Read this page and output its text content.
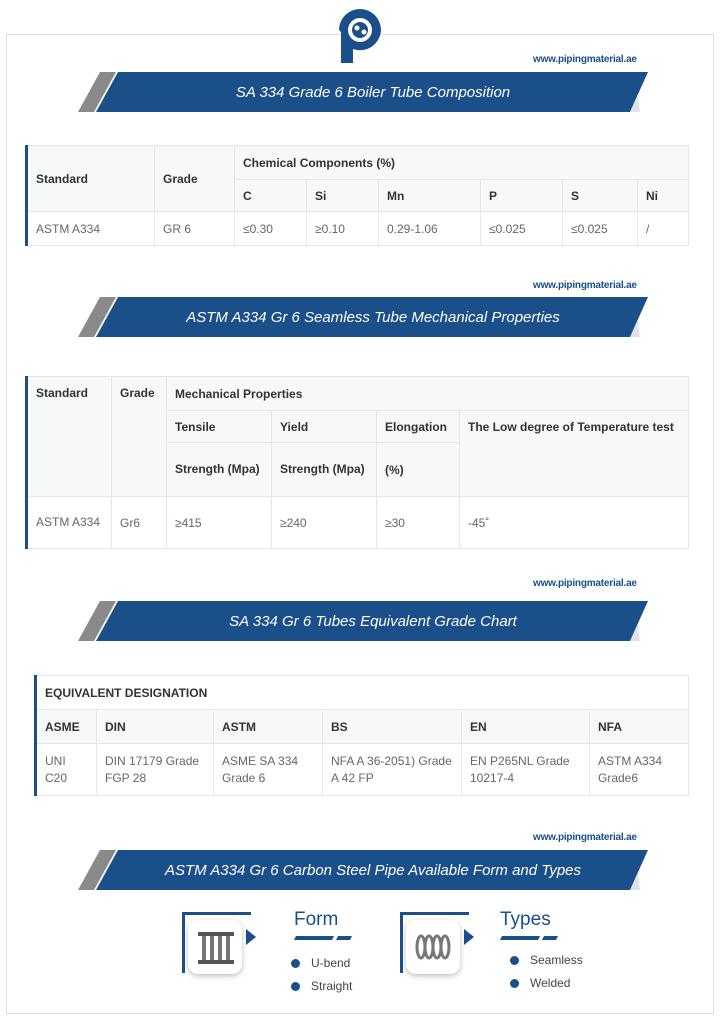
www.pipingmaterial.ae
SA 334 Grade 6 Boiler Tube Composition
Standard	Grade	Chemical Components (%)					
		C	Si	Mn	P	S	Ni
ASTM A334	GR 6	≤0.30	≥0.10	0.29-1.06	≤0.025	≤0.025	/
www.pipingmaterial.ae
ASTM A334 Gr 6 Seamless Tube Mechanical Properties
Standard	Grade	Mechanical Properties			
		Tensile	Yield	Elongation	The Low degree of Temperature test
		Strength (Mpa)	Strength (Mpa)	(%)	
ASTM A334	Gr6	≥415	≥240	≥30	-45˚
www.pipingmaterial.ae
SA 334 Gr 6 Tubes Equivalent Grade Chart
EQUIVALENT DESIGNATION					
ASME	DIN	ASTM	BS	EN	NFA
UNI C20	DIN 17179 Grade FGP 28	ASME SA 334 Grade 6	NFA A 36-2051) Grade A 42 FP	EN P265NL Grade 10217-4	ASTM A334 Grade6
www.pipingmaterial.ae
ASTM A334 Gr 6 Carbon Steel Pipe Available Form and Types
Form
U-bend
Straight
Types
Seamless
Welded
